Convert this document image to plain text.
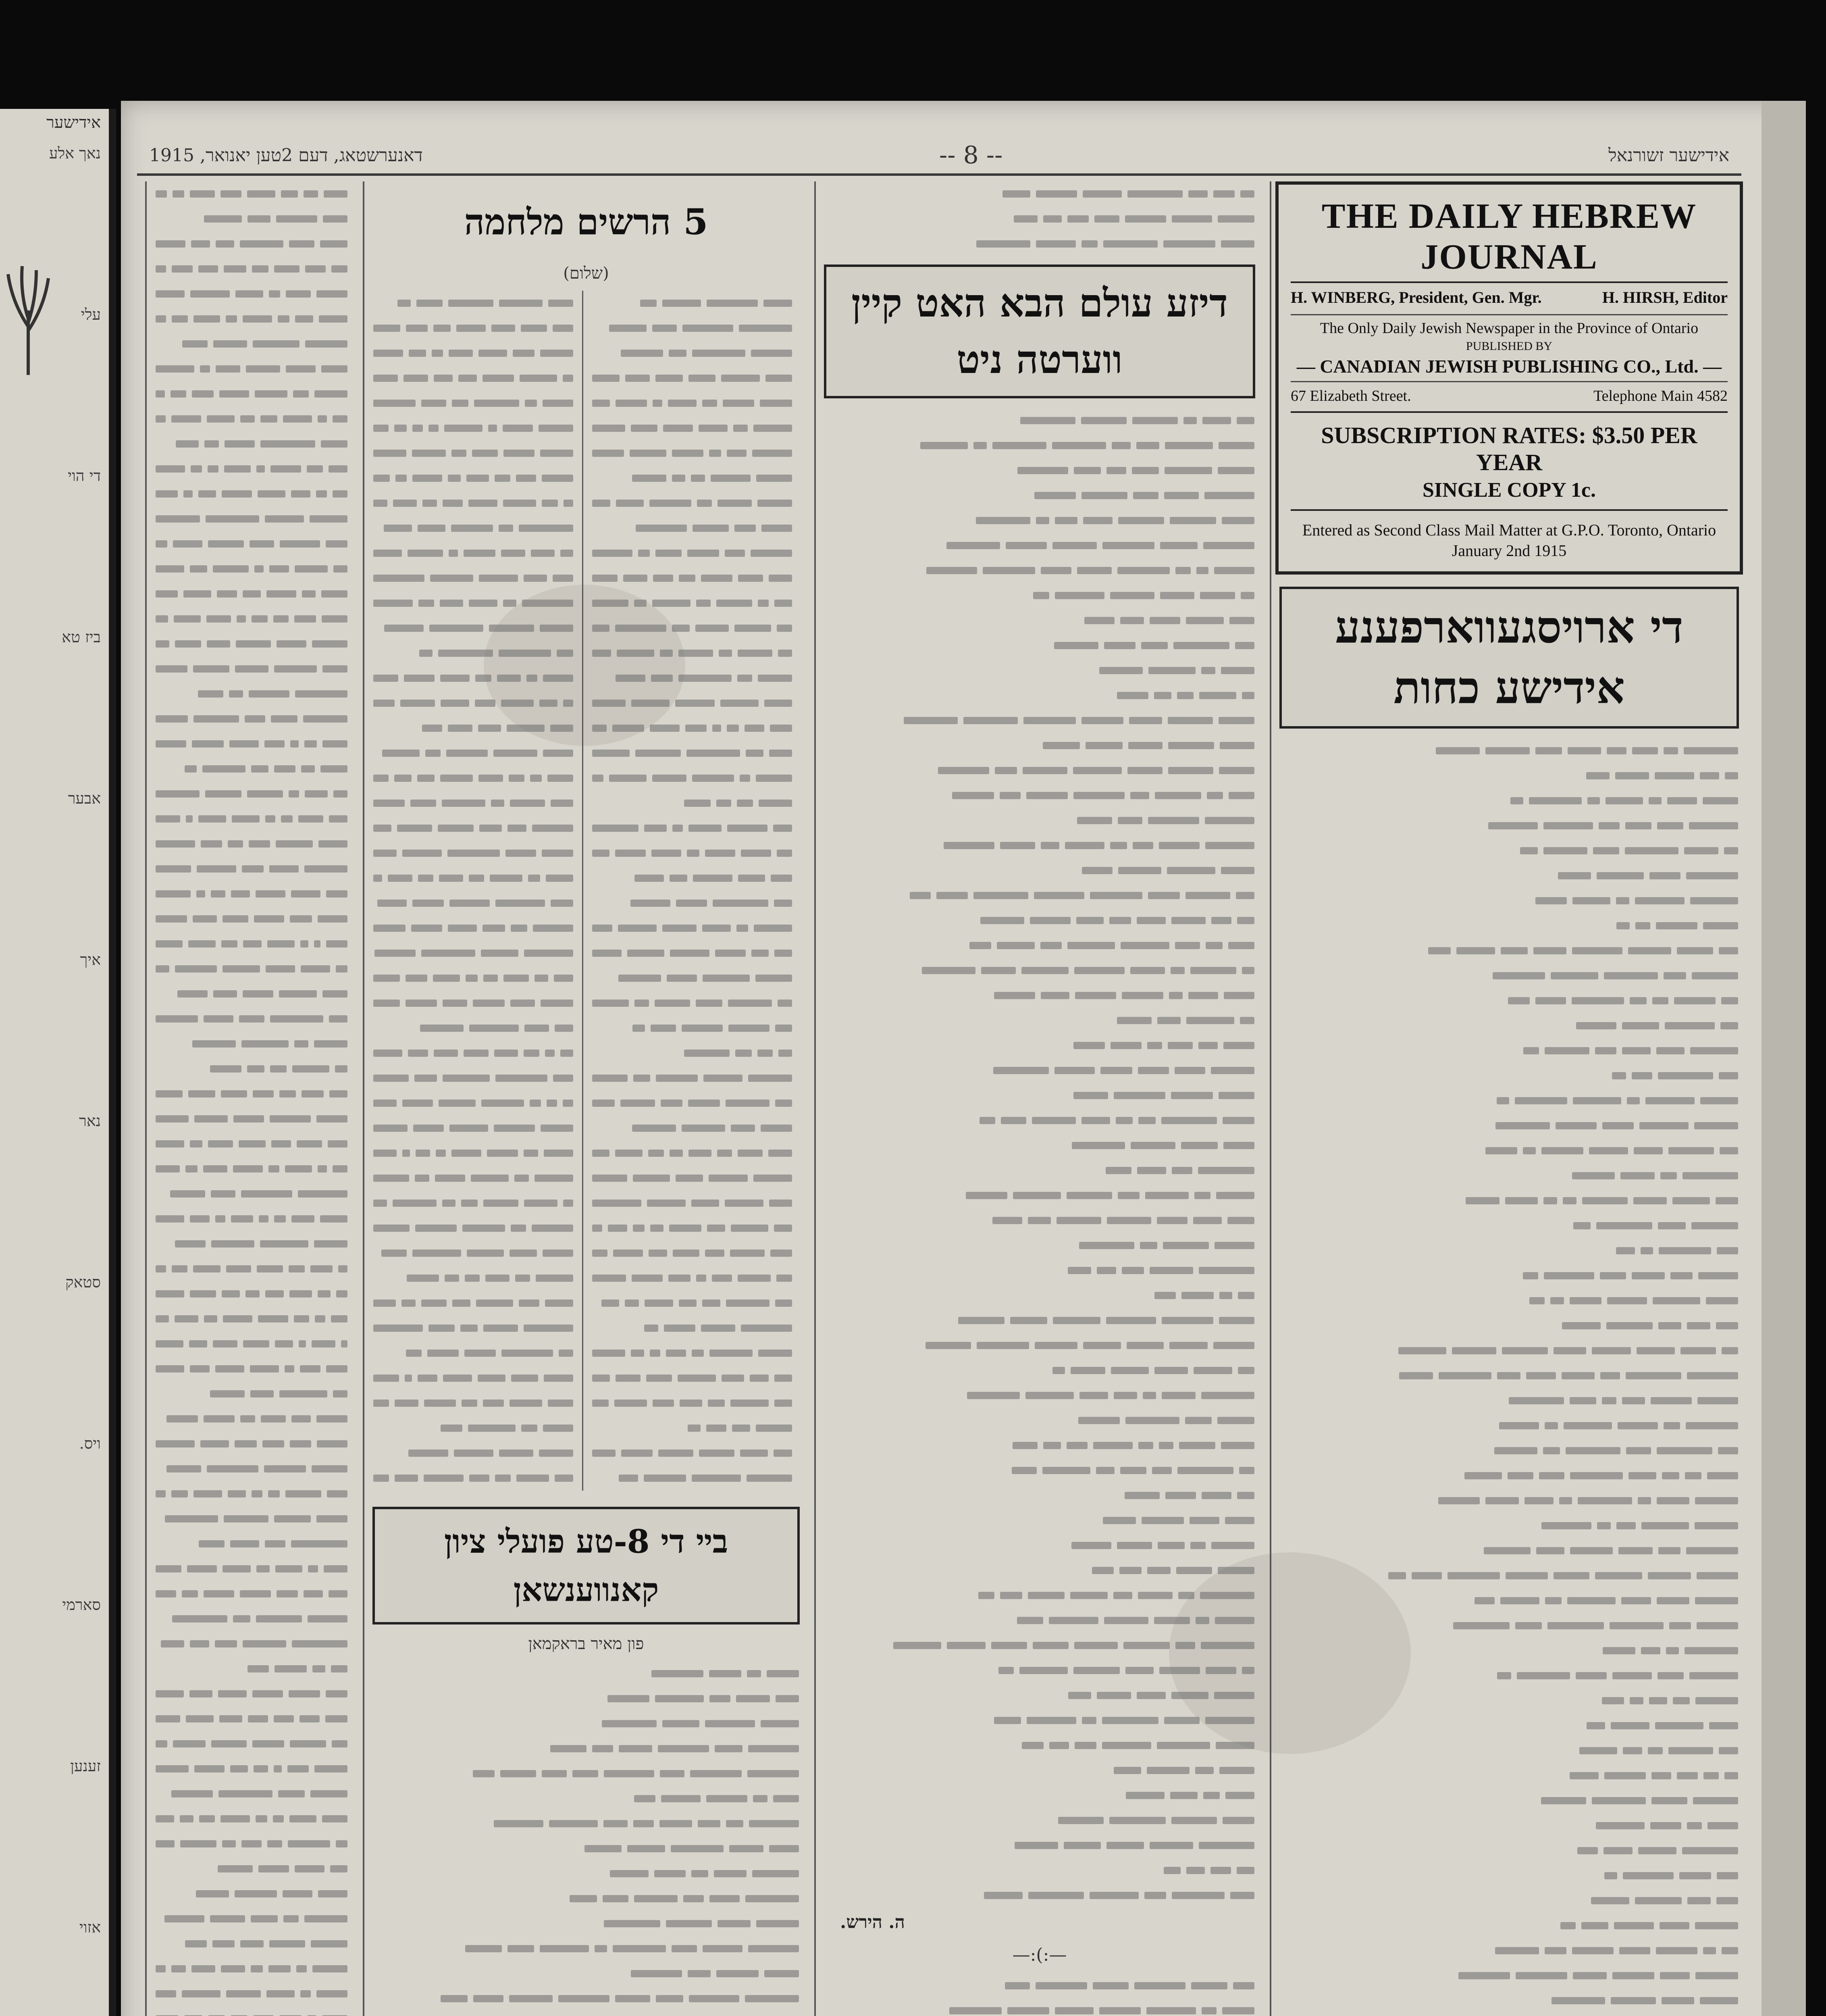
אידישער
נאך אלע
עלי
די הוי
ביז טא
אבער
איך
נאר
סטאק
ויס.
סארמי
זענען
אזוי
דאנערשטאג, דעם 2טען יאנואר, 1915	-- 8 --	אידישער זשורנאל
THE DAILY HEBREW JOURNAL
H. WINBERG, President, Gen. Mgr.	H. HIRSH, Editor
The Only Daily Jewish Newspaper in the Province of Ontario
PUBLISHED BY
— CANADIAN JEWISH PUBLISHING CO., Ltd. —
67 Elizabeth Street.	Telephone Main 4582
SUBSCRIPTION RATES: $3.50 PER YEAR
SINGLE COPY 1c.
Entered as Second Class Mail Matter at G.P.O. Toronto, Ontario
January 2nd 1915
די ארויסגעווארפענע אידישע כחות
דיזע עולם הבא האט קיין ווערטה ניט
ה. הירש.
—:(:—
5 הרשים מלחמה
(שלום)
בײ די 8-טע פועלי ציון קאנווענשאן
פון מאיר בראקמאן
